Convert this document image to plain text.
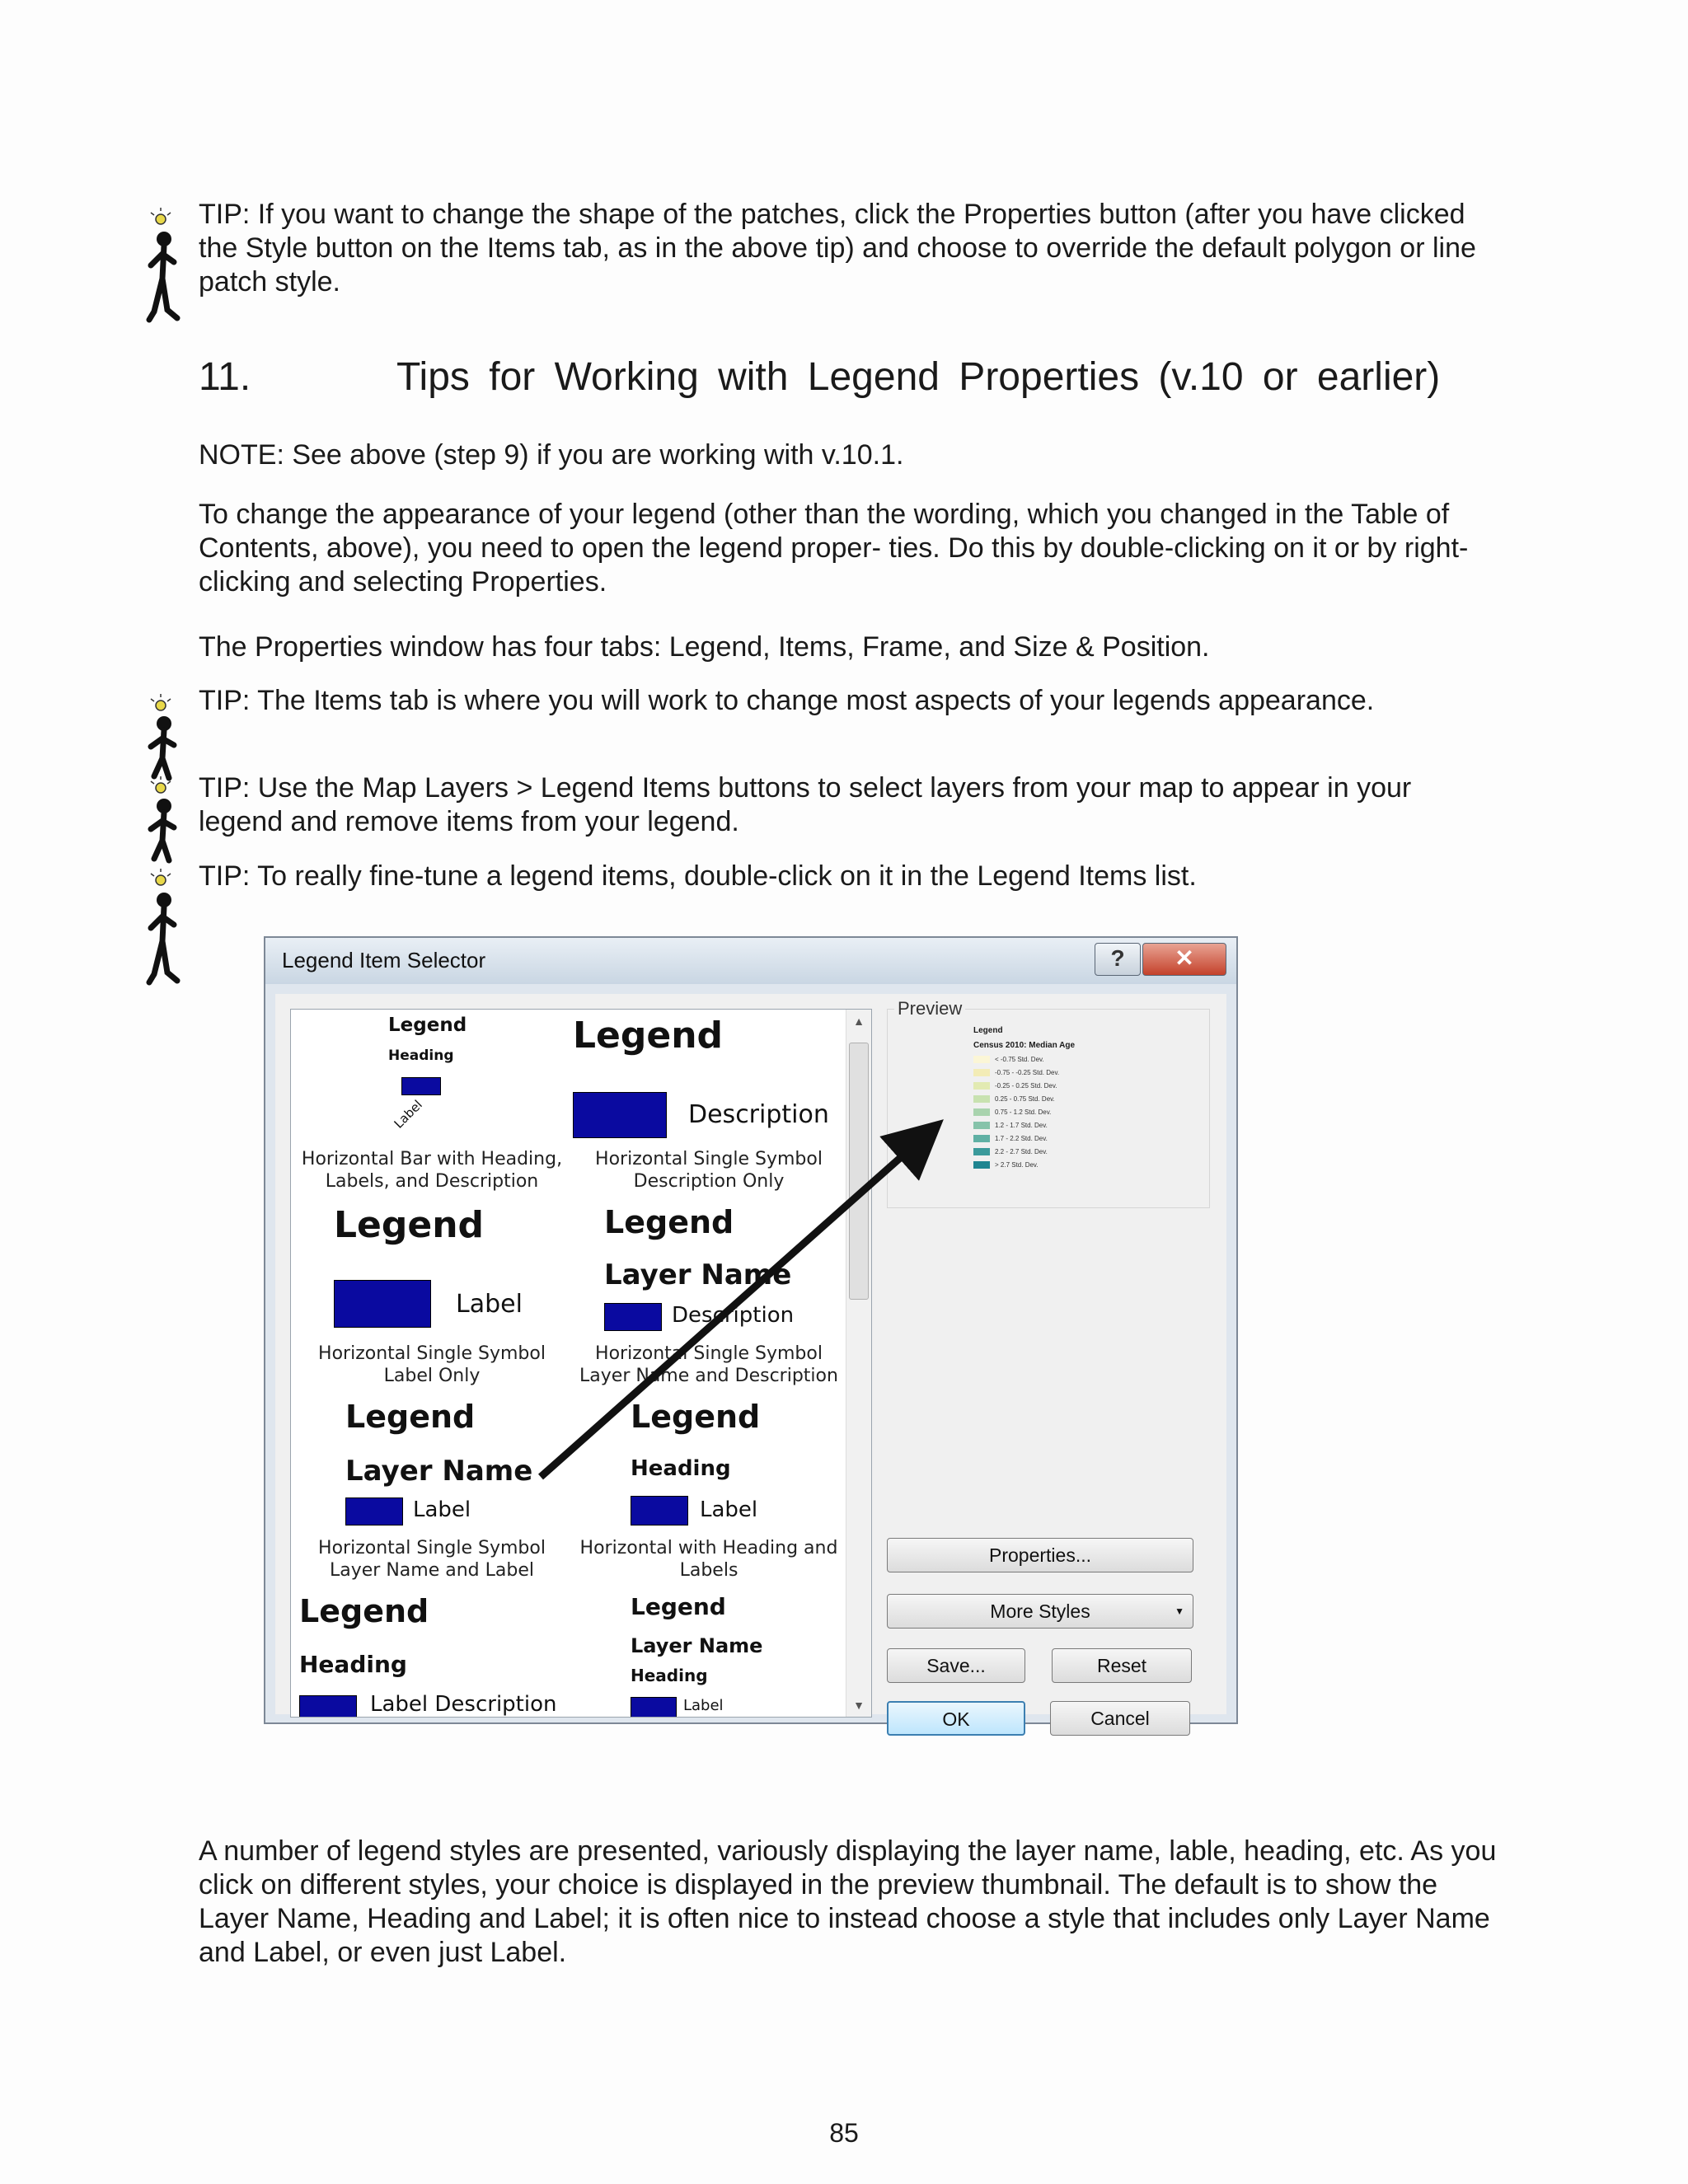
TIP: If you want to change the shape of the patches, click the Properties button (after you have clicked the Style button on the Items tab, as in the above tip) and choose to override the default polygon or line patch style.
11.	Tips for Working with Legend Properties (v.10 or earlier)
NOTE: See above (step 9) if you are working with v.10.1.
To change the appearance of your legend (other than the wording, which you changed in the Table of Contents, above), you need to open the legend proper- ties. Do this by double-clicking on it or by right-clicking and selecting Properties.
The Properties window has four tabs: Legend, Items, Frame, and Size & Position.
TIP: The Items tab is where you will work to change most aspects of your legends appearance.
TIP: Use the Map Layers > Legend Items buttons to select layers from your map to appear in your legend and remove items from your legend.
TIP: To really fine-tune a legend items, double-click on it in the Legend Items list.
Legend Item Selector	?	✕
Legend
Heading
Label
Horizontal Bar with Heading,
Labels, and Description
Legend
Description
Horizontal Single Symbol
Description Only
Legend
Label
Horizontal Single Symbol
Label Only
Legend
Layer Name
Description
Horizontal Single Symbol
Layer Name and Description
Legend
Layer Name
Label
Horizontal Single Symbol
Layer Name and Label
Legend
Heading
Label
Horizontal with Heading and
Labels
Legend
Heading
Label Description
Legend
Layer Name
Heading
Label
▲
▼
Preview
Legend
Census 2010: Median Age
< -0.75 Std. Dev.
-0.75 - -0.25 Std. Dev.
-0.25 - 0.25 Std. Dev.
0.25 - 0.75 Std. Dev.
0.75 - 1.2 Std. Dev.
1.2 - 1.7 Std. Dev.
1.7 - 2.2 Std. Dev.
2.2 - 2.7 Std. Dev.
> 2.7 Std. Dev.
Properties...
More Styles	▼
Save...	Reset
OK	Cancel
A number of legend styles are presented, variously displaying the layer name, lable, heading, etc. As you click on different styles, your choice is displayed in the preview thumbnail. The default is to show the Layer Name, Heading and Label; it is often nice to instead choose a style that includes only Layer Name and Label, or even just Label.
85
